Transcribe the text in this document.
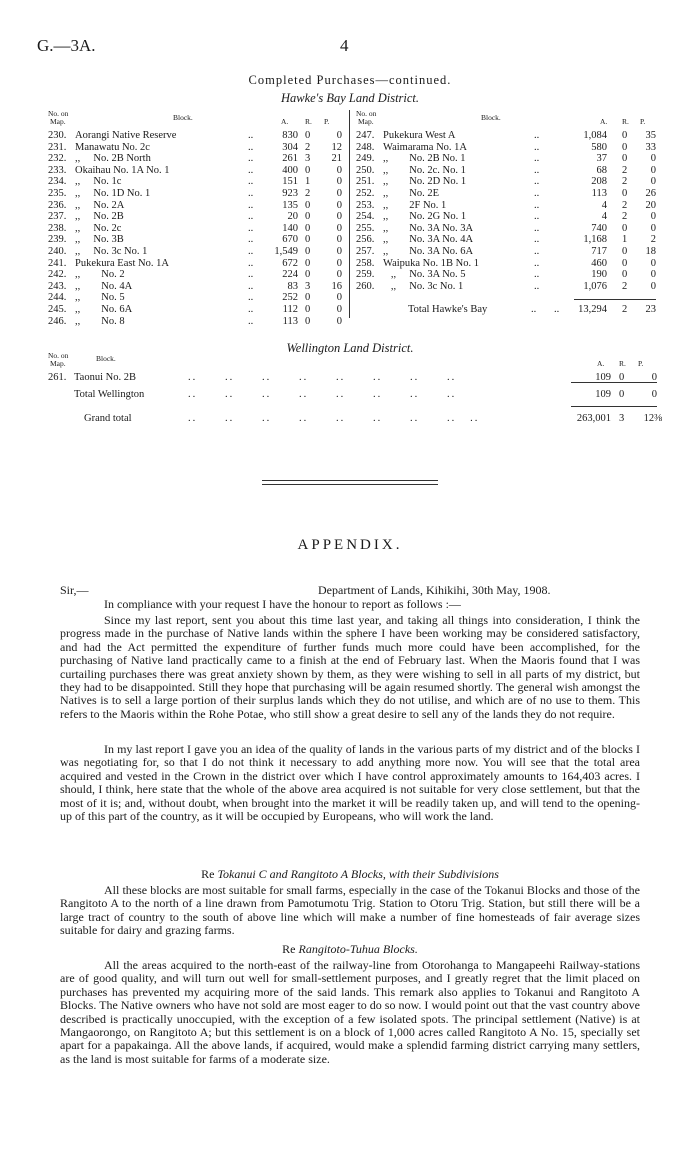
G.—3A.	4
Completed Purchases—continued.
Hawke's Bay Land District.
No. on
Map.	Block.	A. R. P.
230. Aorangi Native Reserve	..	830 0	0
231. Manawatu No. 2c	..	304 2 12
232. ,,     No. 2B North	..	261 3 21
233. Okaihau No. 1A No. 1	..	400 0	0
234. ,,     No. 1c	..	151 1	0
235. ,,     No. 1D No. 1	..	923 2	0
236. ,,     No. 2A	..	135 0	0
237. ,,     No. 2B	..	20 0	0
238. ,,     No. 2c	..	140 0	0
239. ,,     No. 3B	..	670 0	0
240. ,,     No. 3c No. 1	.. 1,549 0	0
241. Pukekura East No. 1A	..	672 0	0
242. ,,        No. 2	..	224 0	0
243. ,,        No. 4A	..	83 3 16
244. ,,        No. 5	..	252 0	0
245. ,,        No. 6A	..	112 0	0
246. ,,        No. 8	..	113 0	0
No. on
Map.	Block.	A. R. P.
247. Pukekura West A	..	1,084 0 35
248. Waimarama No. 1A	..	580 0 33
249. ,,        No. 2B No. 1	..	37 0 0
250. ,,        No. 2c. No. 1	..	68 2 0
251. ,,        No. 2D No. 1	..	208 2 0
252. ,,        No. 2E	..	113 0 26
253. ,,        2F No. 1	..	4 2 20
254. ,,        No. 2G No. 1	..	4 2 0
255. ,,        No. 3A No. 3A	..	740 0 0
256. ,,        No. 3A No. 4A	..	1,168 1 2
257. ,,        No. 3A No. 6A	..	717 0 18
258. Waipuka No. 1B No. 1	..	460 0 0
259. ,,     No. 3A No. 5	..	190 0 0
260. ,,     No. 3c No. 1	..	1,076 2 0
Total Hawke's Bay	.. .. 13,294 2 23
Wellington Land District.
No. on
Map.
Block.
A. R. P.
261. Taonui No. 2B	..      ..      ..      ..      ..      ..      ..      ..	109 0	0
Total Wellington	..      ..      ..      ..      ..      ..      ..      ..	109 0	0
Grand total	..      ..      ..      ..      ..      ..      ..      ..   ..	263,001 3 12⅜
APPENDIX.
Sir,—	Department of Lands, Kihikihi, 30th May, 1908.
In compliance with your request I have the honour to report as follows :—
Since my last report, sent you about this time last year, and taking all things into consideration, I think the progress made in the purchase of Native lands within the sphere I have been working may be considered satisfactory, and had the Act permitted the expenditure of further funds much more could have been accomplished, for the purchasing of Native land practically came to a finish at the end of February last. When the Maoris found that I was curtailing purchases there was great anxiety shown by them, as they were wishing to sell in all parts of my district, but they had to be disappointed. Still they hope that purchasing will be again resumed shortly. The general wish amongst the Natives is to sell a large portion of their surplus lands which they do not utilise, and which are of no use to them. This refers to the Maoris within the Rohe Potae, who still show a great desire to sell any of the lands they do not require.
In my last report I gave you an idea of the quality of lands in the various parts of my district and of the blocks I was negotiating for, so that I do not think it necessary to add anything more now. You will see that the total area acquired and vested in the Crown in the district over which I have control approximately amounts to 164,403 acres. I should, I think, here state that the whole of the above area acquired is not suitable for very close settlement, but that the most of it is; and, without doubt, when brought into the market it will be readily taken up, and will tend to the opening-up of this part of the country, as it will be occupied by Europeans, who will work the land.
Re Tokanui C and Rangitoto A Blocks, with their Subdivisions
All these blocks are most suitable for small farms, especially in the case of the Tokanui Blocks and those of the Rangitoto A to the north of a line drawn from Pamotumotu Trig. Station to Otoru Trig. Station, but still there will be a large tract of country to the south of above line which will make a number of fine homesteads of fair average sizes suitable for dairy and grazing farms.
Re Rangitoto-Tuhua Blocks.
All the areas acquired to the north-east of the railway-line from Otorohanga to Mangapeehi Railway-stations are of good quality, and will turn out well for small-settlement purposes, and I greatly regret that the limit placed on purchases has prevented my acquiring more of the said lands. This remark also applies to Tokanui and Rangitoto A Blocks. The Native owners who have not sold are most eager to do so now. I would point out that the vast country above described is practically unoccupied, with the exception of a few isolated spots. The principal settlement (Native) is at Mangaorongo, on Rangitoto A; but this settlement is on a block of 1,000 acres called Rangitoto A No. 15, specially set apart for a papakainga. All the above lands, if acquired, would make a splendid farming district carrying many settlers, as the land is most suitable for farms of a moderate size.
